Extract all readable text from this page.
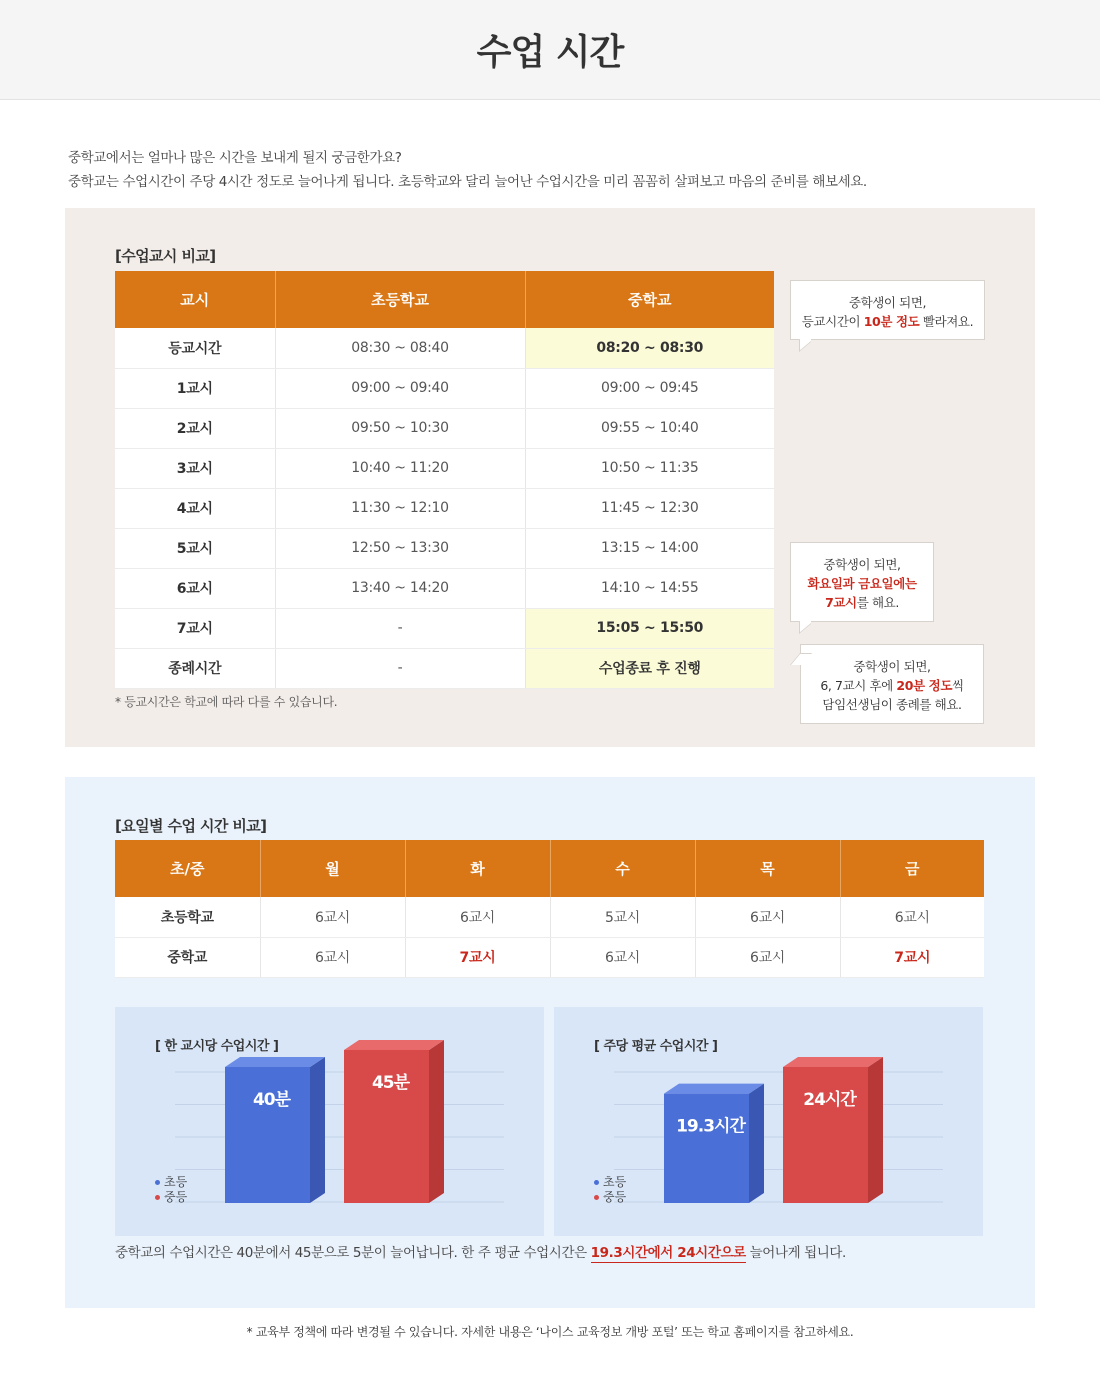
수업 시간
중학교에서는 얼마나 많은 시간을 보내게 될지 궁금한가요?
중학교는 수업시간이 주당 4시간 정도로 늘어나게 됩니다. 초등학교와 달리 늘어난 수업시간을 미리 꼼꼼히 살펴보고 마음의 준비를 해보세요.
[수업교시 비교]
교시	초등학교	중학교
등교시간	08:30 ~ 08:40	08:20 ~ 08:30
1교시	09:00 ~ 09:40	09:00 ~ 09:45
2교시	09:50 ~ 10:30	09:55 ~ 10:40
3교시	10:40 ~ 11:20	10:50 ~ 11:35
4교시	11:30 ~ 12:10	11:45 ~ 12:30
5교시	12:50 ~ 13:30	13:15 ~ 14:00
6교시	13:40 ~ 14:20	14:10 ~ 14:55
7교시	-	15:05 ~ 15:50
종례시간	-	수업종료 후 진행
* 등교시간은 학교에 따라 다를 수 있습니다.
중학생이 되면,
등교시간이 10분 정도 빨라져요.
중학생이 되면,
화요일과 금요일에는
7교시를 해요.
중학생이 되면,
6, 7교시 후에 20분 정도씩
담임선생님이 종례를 해요.
[요일별 수업 시간 비교]
초/중	월	화	수	목	금
초등학교	6교시	6교시	5교시	6교시	6교시
중학교	6교시	7교시	6교시	6교시	7교시
[ 한 교시당 수업시간 ]
40분
45분
초등
중등
[ 주당 평균 수업시간 ]
19.3시간
24시간
초등
중등
중학교의 수업시간은 40분에서 45분으로 5분이 늘어납니다. 한 주 평균 수업시간은 19.3시간에서 24시간으로 늘어나게 됩니다.
* 교육부 정책에 따라 변경될 수 있습니다. 자세한 내용은 ‘나이스 교육정보 개방 포털’ 또는 학교 홈페이지를 참고하세요.
